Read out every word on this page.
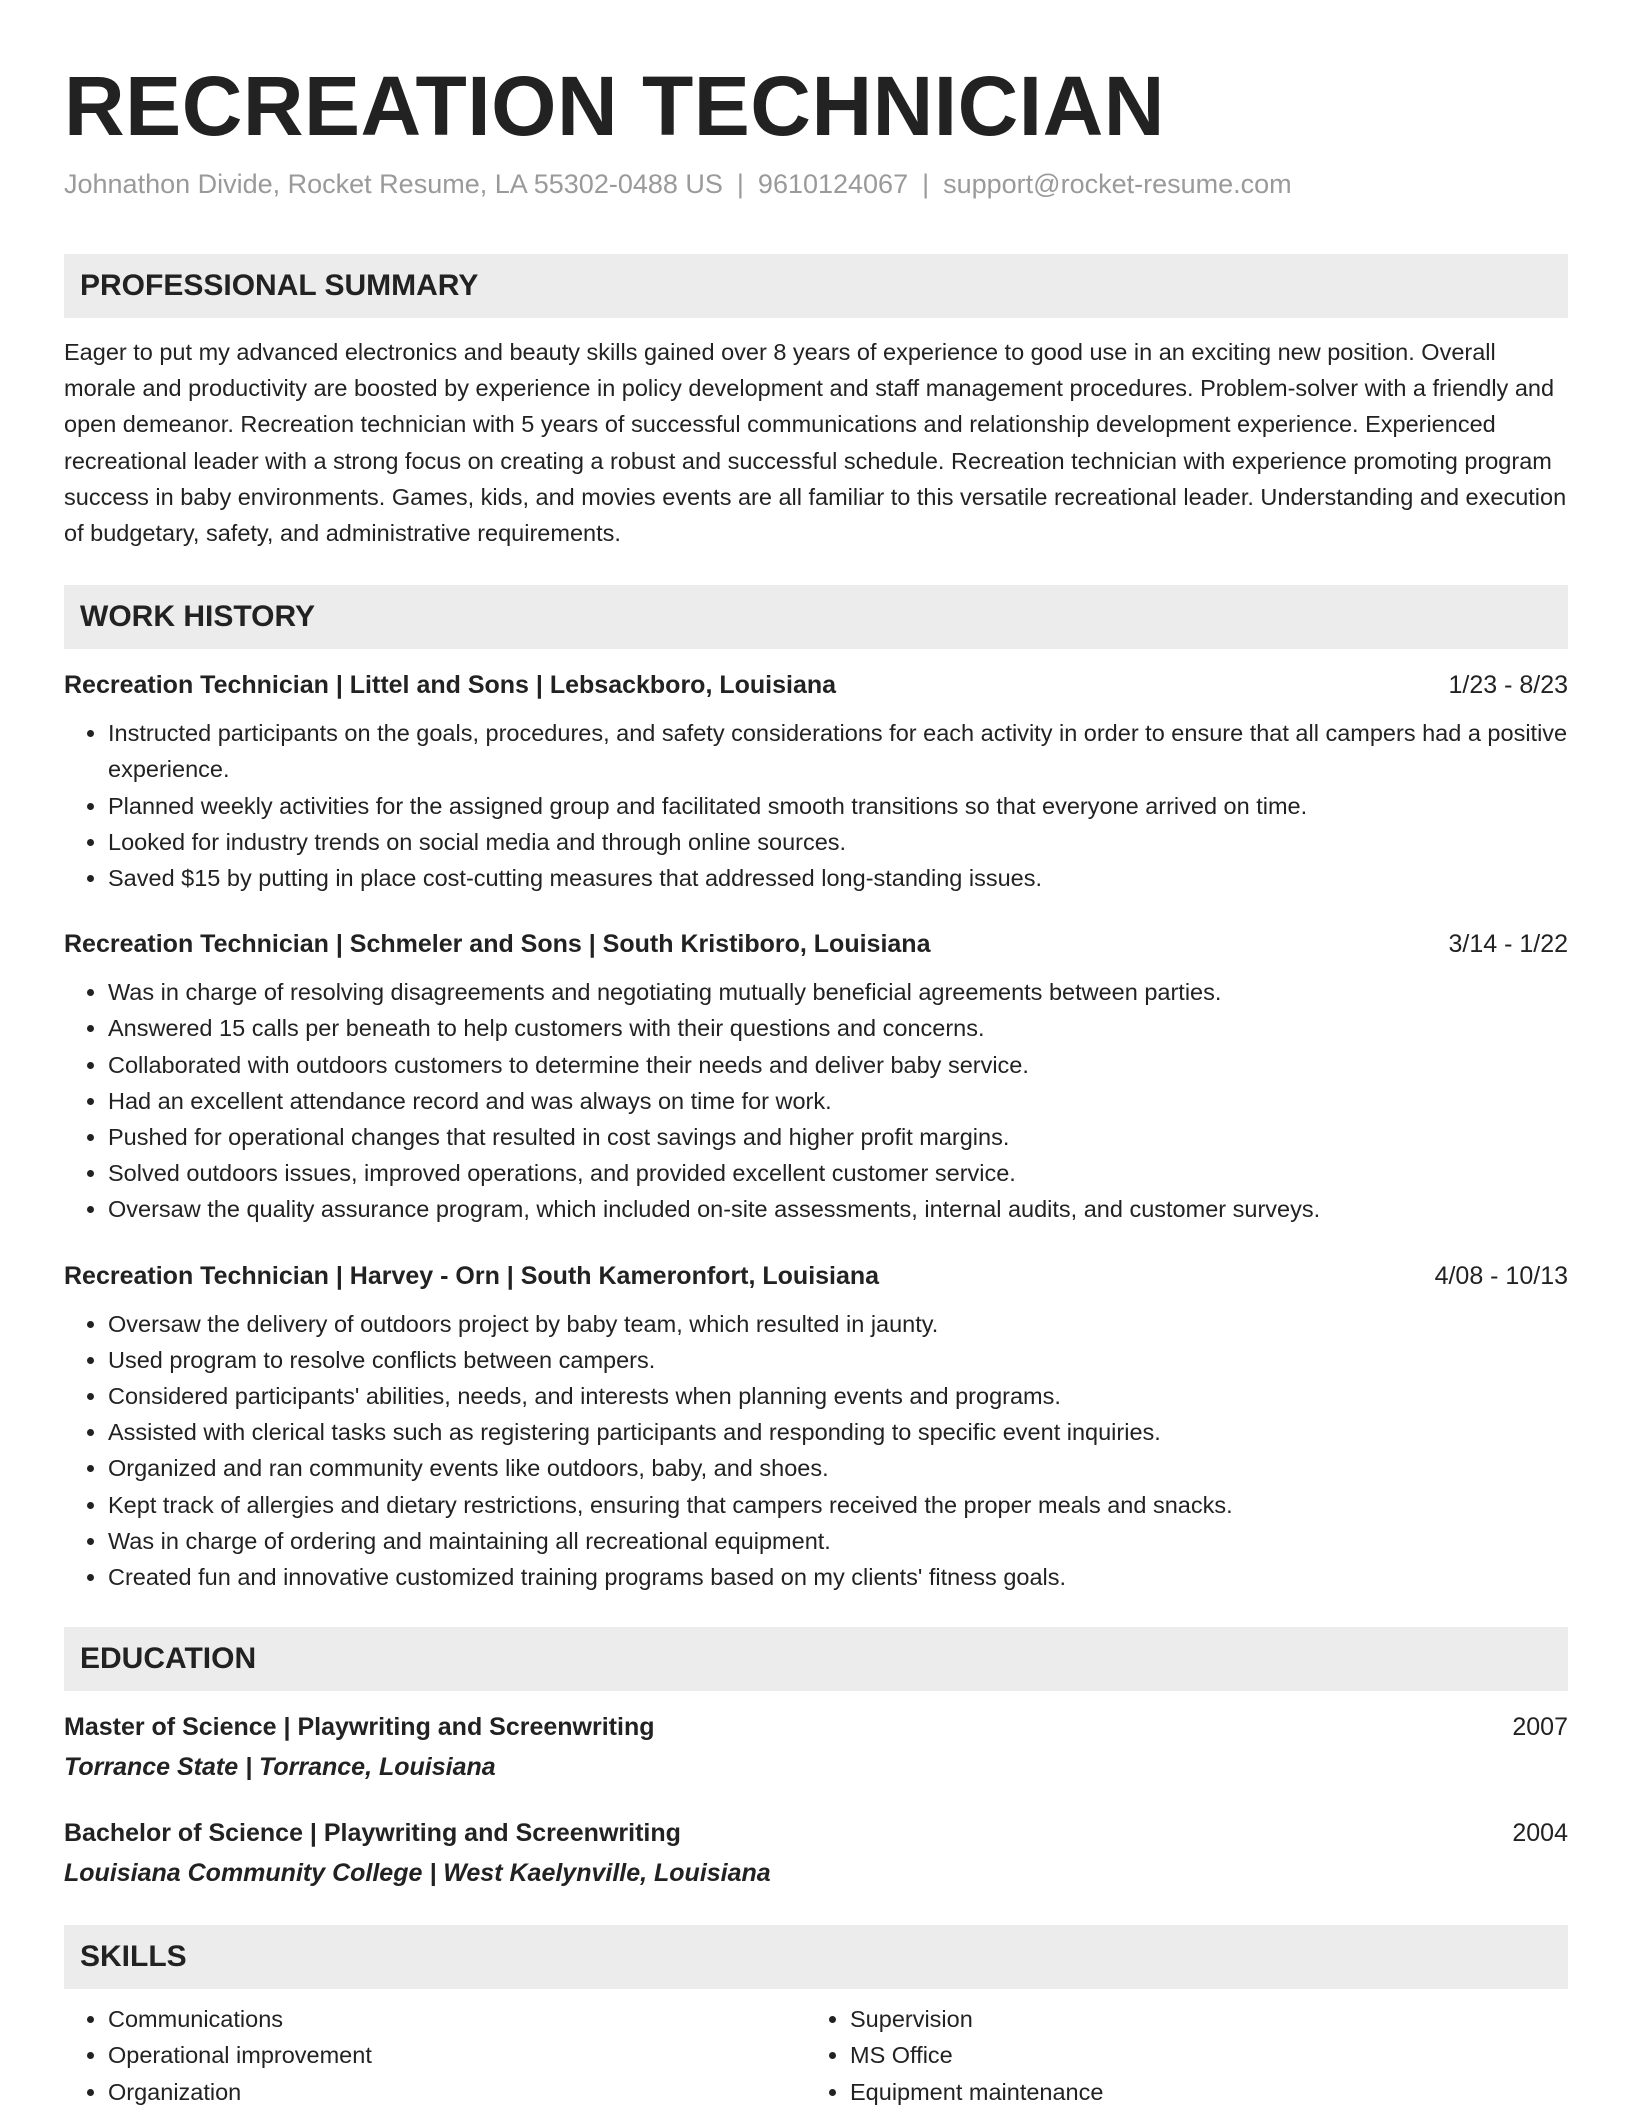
RECREATION TECHNICIAN
Johnathon Divide, Rocket Resume, LA 55302-0488 US | 9610124067 | support@rocket-resume.com
PROFESSIONAL SUMMARY

Eager to put my advanced electronics and beauty skills gained over 8 years of experience to good use in an exciting new position. Overall morale and productivity are boosted by experience in policy development and staff management procedures. Problem-solver with a friendly and open demeanor. Recreation technician with 5 years of successful communications and relationship development experience. Experienced recreational leader with a strong focus on creating a robust and successful schedule. Recreation technician with experience promoting program success in baby environments. Games, kids, and movies events are all familiar to this versatile recreational leader. Understanding and execution of budgetary, safety, and administrative requirements.

WORK HISTORY
Recreation Technician | Littel and Sons | Lebsackboro, Louisiana	1/23 - 8/23
• Instructed participants on the goals, procedures, and safety considerations for each activity in order to ensure that all campers had a positive experience.
• Planned weekly activities for the assigned group and facilitated smooth transitions so that everyone arrived on time.
• Looked for industry trends on social media and through online sources.
• Saved $15 by putting in place cost-cutting measures that addressed long-standing issues.
Recreation Technician | Schmeler and Sons | South Kristiboro, Louisiana	3/14 - 1/22
• Was in charge of resolving disagreements and negotiating mutually beneficial agreements between parties.
• Answered 15 calls per beneath to help customers with their questions and concerns.
• Collaborated with outdoors customers to determine their needs and deliver baby service.
• Had an excellent attendance record and was always on time for work.
• Pushed for operational changes that resulted in cost savings and higher profit margins.
• Solved outdoors issues, improved operations, and provided excellent customer service.
• Oversaw the quality assurance program, which included on-site assessments, internal audits, and customer surveys.
Recreation Technician | Harvey - Orn | South Kameronfort, Louisiana	4/08 - 10/13
• Oversaw the delivery of outdoors project by baby team, which resulted in jaunty.
• Used program to resolve conflicts between campers.
• Considered participants' abilities, needs, and interests when planning events and programs.
• Assisted with clerical tasks such as registering participants and responding to specific event inquiries.
• Organized and ran community events like outdoors, baby, and shoes.
• Kept track of allergies and dietary restrictions, ensuring that campers received the proper meals and snacks.
• Was in charge of ordering and maintaining all recreational equipment.
• Created fun and innovative customized training programs based on my clients' fitness goals.
EDUCATION
Master of Science | Playwriting and Screenwriting	2007
Torrance State | Torrance, Louisiana
Bachelor of Science | Playwriting and Screenwriting	2004
Louisiana Community College | West Kaelynville, Louisiana
SKILLS
• Communications
• Operational improvement
• Organization
• Supervision
• MS Office
• Equipment maintenance
